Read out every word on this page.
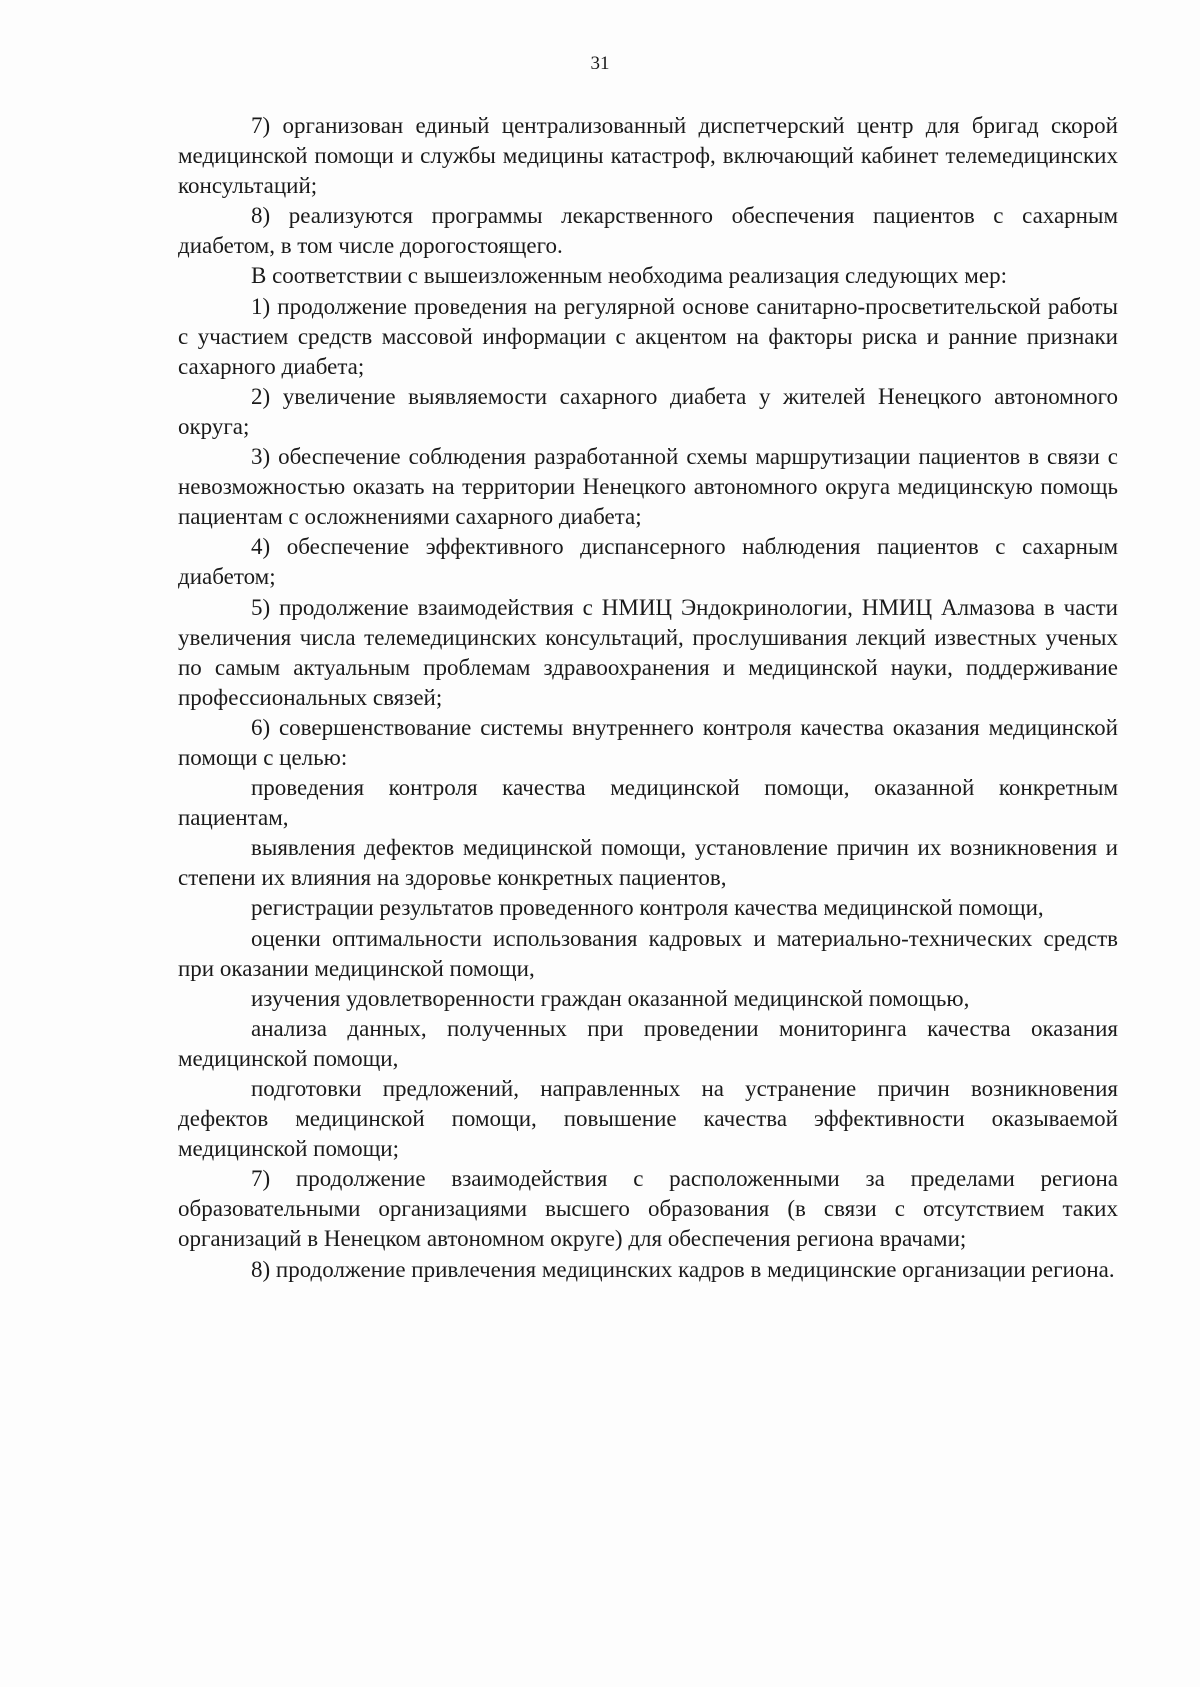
31

7) организован единый централизованный диспетчерский центр для бригад скорой медицинской помощи и службы медицины катастроф, включающий кабинет телемедицинских консультаций;

8) реализуются программы лекарственного обеспечения пациентов с сахарным диабетом, в том числе дорогостоящего.

В соответствии с вышеизложенным необходима реализация следующих мер:

1) продолжение проведения на регулярной основе санитарно-просветительской работы с участием средств массовой информации с акцентом на факторы риска и ранние признаки сахарного диабета;

2) увеличение выявляемости сахарного диабета у жителей Ненецкого автономного округа;

3) обеспечение соблюдения разработанной схемы маршрутизации пациентов в связи с невозможностью оказать на территории Ненецкого автономного округа медицинскую помощь пациентам с осложнениями сахарного диабета;

4) обеспечение эффективного диспансерного наблюдения пациентов с сахарным диабетом;

5) продолжение взаимодействия с НМИЦ Эндокринологии, НМИЦ Алмазова в части увеличения числа телемедицинских консультаций, прослушивания лекций известных ученых по самым актуальным проблемам здравоохранения и медицинской науки, поддерживание профессиональных связей;

6) совершенствование системы внутреннего контроля качества оказания медицинской помощи с целью:

проведения контроля качества медицинской помощи, оказанной конкретным пациентам,

выявления дефектов медицинской помощи, установление причин их возникновения и степени их влияния на здоровье конкретных пациентов,

регистрации результатов проведенного контроля качества медицинской помощи,

оценки оптимальности использования кадровых и материально-технических средств при оказании медицинской помощи,

изучения удовлетворенности граждан оказанной медицинской помощью,

анализа данных, полученных при проведении мониторинга качества оказания медицинской помощи,

подготовки предложений, направленных на устранение причин возникновения дефектов медицинской помощи, повышение качества эффективности оказываемой медицинской помощи;

7) продолжение взаимодействия с расположенными за пределами региона образовательными организациями высшего образования (в связи с отсутствием таких организаций в Ненецком автономном округе) для обеспечения региона врачами;

8) продолжение привлечения медицинских кадров в медицинские организации региона.
